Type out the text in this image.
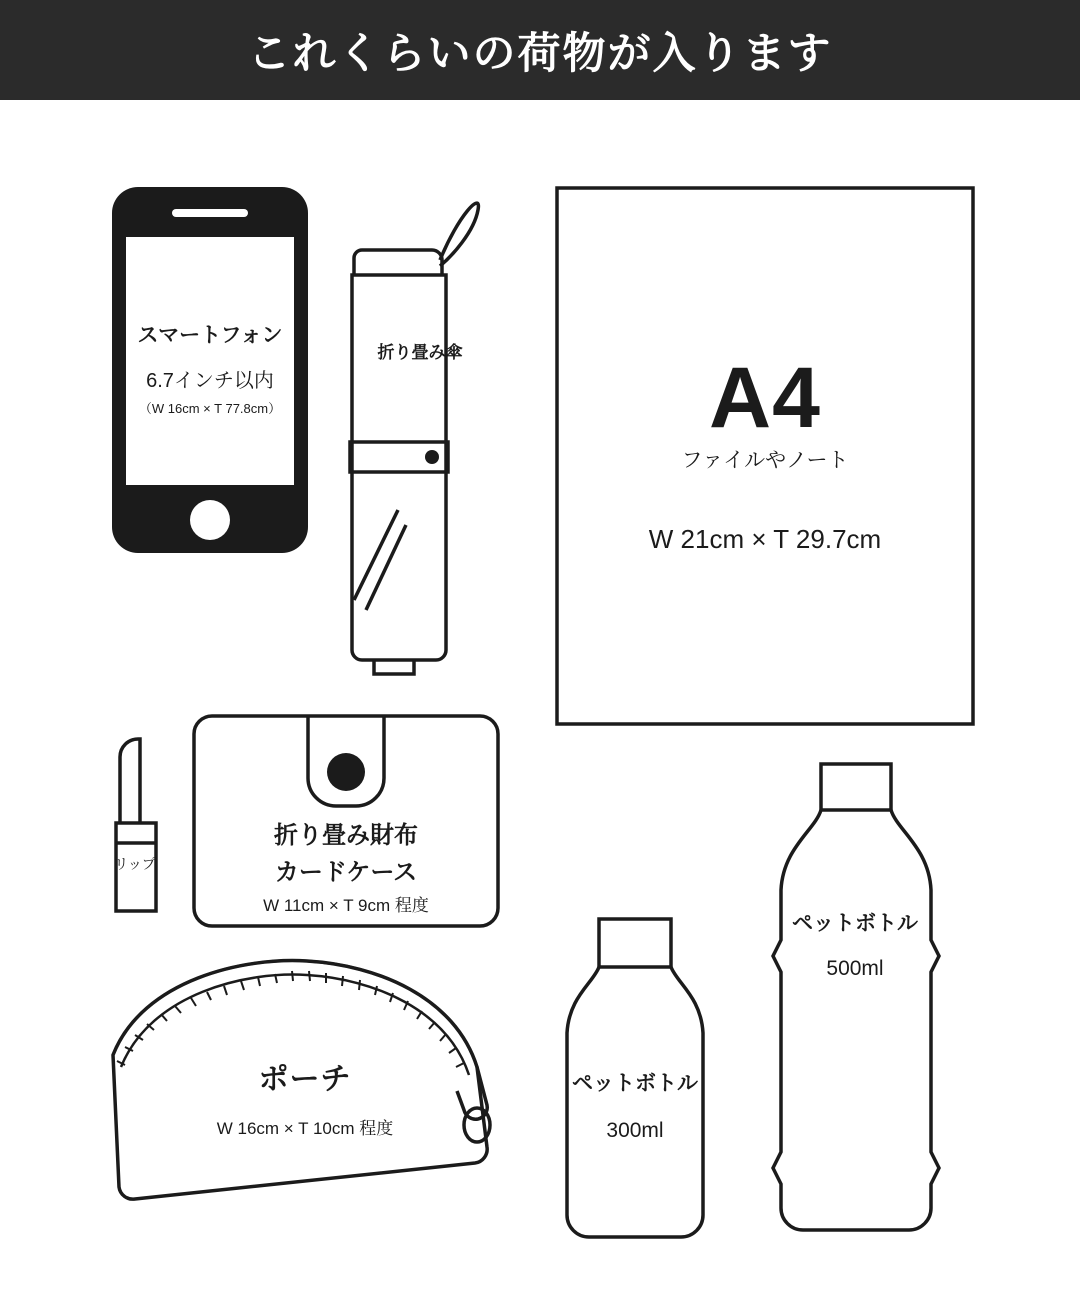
これくらいの荷物が入ります
スマートフォン
6.7インチ以内
（W 16cm × T 77.8cm）
折り畳み傘	A4
ファイルやノート
W 21cm × T 29.7cm
リップ
折り畳み財布
カードケース
W 11cm × T 9cm 程度
ポーチ
W 16cm × T 10cm 程度
ペットボトル
300ml
ペットボトル
500ml
